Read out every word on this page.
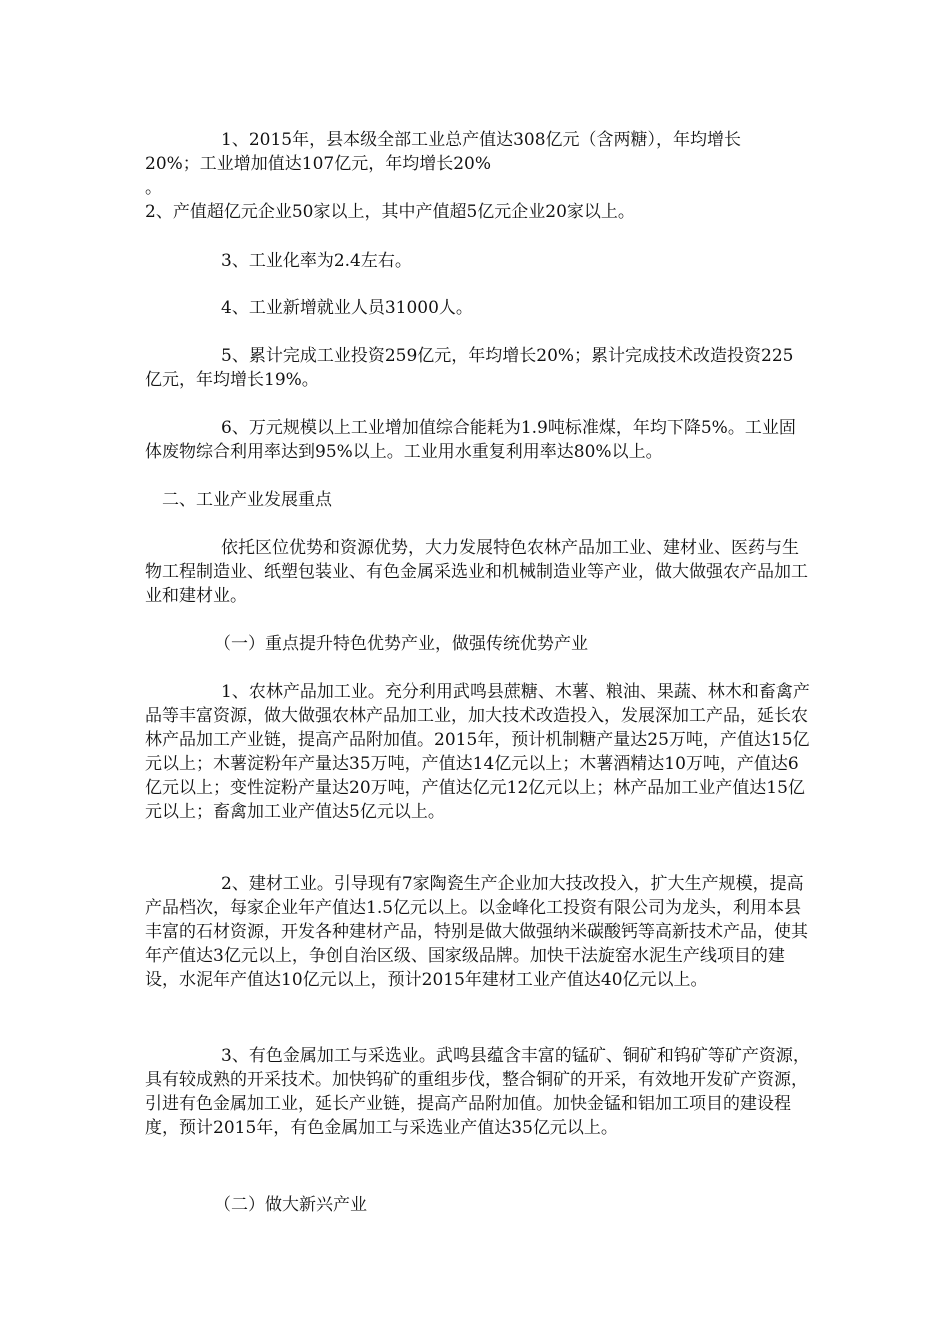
1、2015年，县本级全部工业总产值达308亿元（含两糖），年均增长
20%；工业增加值达107亿元，年均增长20%
。
2、产值超亿元企业50家以上，其中产值超5亿元企业20家以上。
3、工业化率为2.4左右。
4、工业新增就业人员31000人。

5、累计完成工业投资259亿元，年均增长20%；累计完成技术改造投资225亿元，年均增长19%。

6、万元规模以上工业增加值综合能耗为1.9吨标准煤，年均下降5%。工业固体废物综合利用率达到95%以上。工业用水重复利用率达80%以上。

二、工业产业发展重点

依托区位优势和资源优势，大力发展特色农林产品加工业、建材业、医药与生物工程制造业、纸塑包装业、有色金属采选业和机械制造业等产业，做大做强农产品加工业和建材业。

（一）重点提升特色优势产业，做强传统优势产业

1、农林产品加工业。充分利用武鸣县蔗糖、木薯、粮油、果蔬、林木和畜禽产品等丰富资源，做大做强农林产品加工业，加大技术改造投入，发展深加工产品，延长农林产品加工产业链，提高产品附加值。2015年，预计机制糖产量达25万吨，产值达15亿元以上；木薯淀粉年产量达35万吨，产值达14亿元以上；木薯酒精达10万吨，产值达6亿元以上；变性淀粉产量达20万吨，产值达亿元12亿元以上；林产品加工业产值达15亿元以上；畜禽加工业产值达5亿元以上。

2、建材工业。引导现有7家陶瓷生产企业加大技改投入，扩大生产规模，提高产品档次，每家企业年产值达1.5亿元以上。以金峰化工投资有限公司为龙头，利用本县丰富的石材资源，开发各种建材产品，特别是做大做强纳米碳酸钙等高新技术产品，使其年产值达3亿元以上，争创自治区级、国家级品牌。加快干法旋窑水泥生产线项目的建设，水泥年产值达10亿元以上，预计2015年建材工业产值达40亿元以上。

3、有色金属加工与采选业。武鸣县蕴含丰富的锰矿、铜矿和钨矿等矿产资源，具有较成熟的开采技术。加快钨矿的重组步伐，整合铜矿的开采，有效地开发矿产资源，引进有色金属加工业，延长产业链，提高产品附加值。加快金锰和铝加工项目的建设程度，预计2015年，有色金属加工与采选业产值达35亿元以上。

（二）做大新兴产业
